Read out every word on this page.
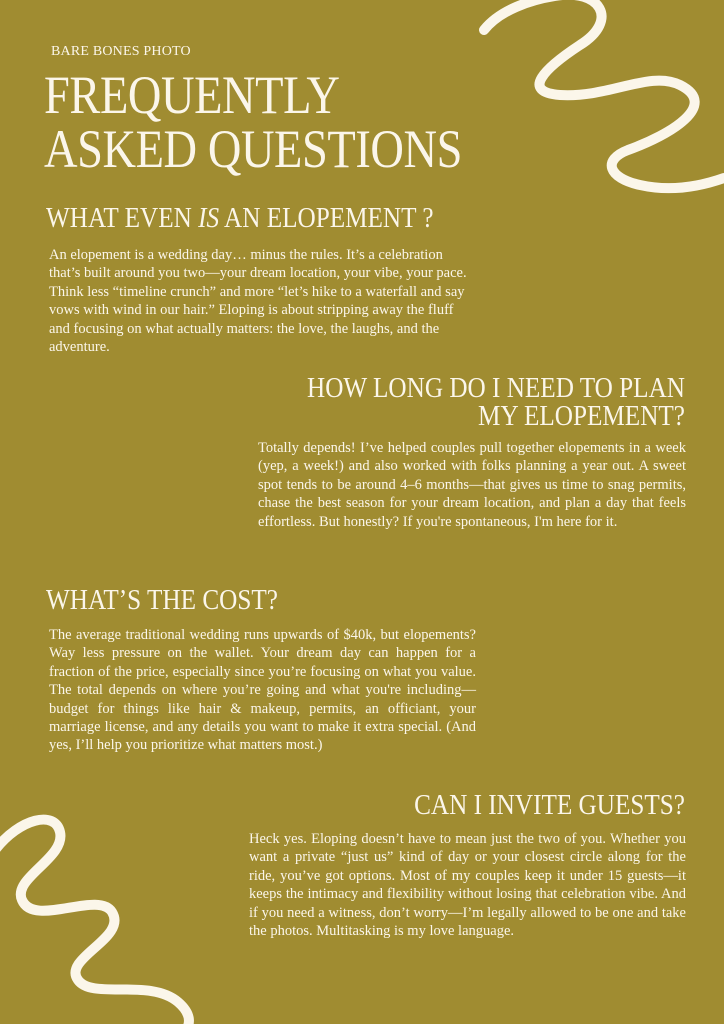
BARE BONES PHOTO
FREQUENTLY
ASKED QUESTIONS
WHAT EVEN IS AN ELOPEMENT ?

An elopement is a wedding day… minus the rules. It’s a celebration that’s built around you two—your dream location, your vibe, your pace. Think less “timeline crunch” and more “let’s hike to a waterfall and say vows with wind in our hair.” Eloping is about stripping away the fluff and focusing on what actually matters: the love, the laughs, and the adventure.

HOW LONG DO I NEED TO PLAN
MY ELOPEMENT?

Totally depends! I’ve helped couples pull together elopements in a week (yep, a week!) and also worked with folks planning a year out. A sweet spot tends to be around 4–6 months—that gives us time to snag permits, chase the best season for your dream location, and plan a day that feels effortless. But honestly? If you're spontaneous, I'm here for it.

WHAT’S THE COST?

The average traditional wedding runs upwards of $40k, but elopements? Way less pressure on the wallet. Your dream day can happen for a fraction of the price, especially since you’re focusing on what you value. The total depends on where you’re going and what you're including—budget for things like hair & makeup, permits, an officiant, your marriage license, and any details you want to make it extra special. (And yes, I’ll help you prioritize what matters most.)

CAN I INVITE GUESTS?

Heck yes. Eloping doesn’t have to mean just the two of you. Whether you want a private “just us” kind of day or your closest circle along for the ride, you’ve got options. Most of my couples keep it under 15 guests—it keeps the intimacy and flexibility without losing that celebration vibe. And if you need a witness, don’t worry—I’m legally allowed to be one and take the photos. Multitasking is my love language.
